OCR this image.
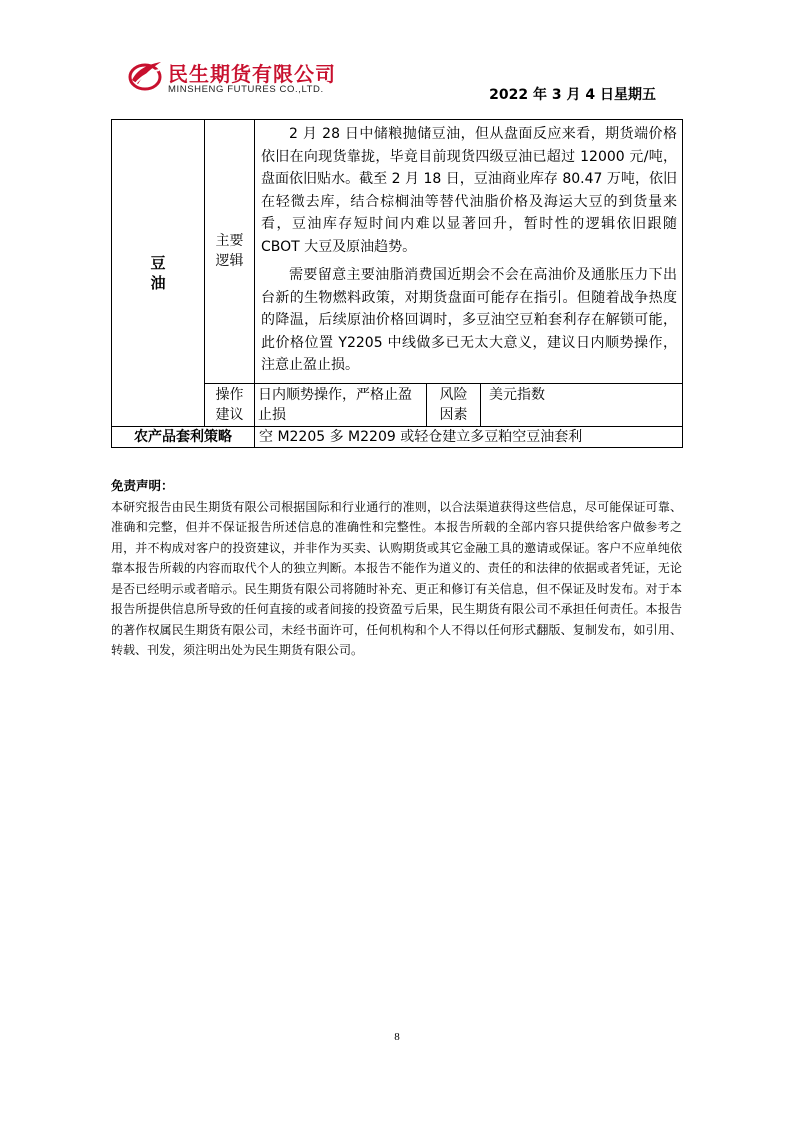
民生期货有限公司
MINSHENG FUTURES CO.,LTD.	2022 年 3 月 4 日星期五
豆油	主要逻辑	2 月 28 日中储粮抛储豆油，但从盘面反应来看，期货端价格依旧在向现货靠拢，毕竟目前现货四级豆油已超过 12000 元/吨，盘面依旧贴水。截至 2 月 18 日，豆油商业库存 80.47 万吨，依旧在轻微去库，结合棕榈油等替代油脂价格及海运大豆的到货量来看，豆油库存短时间内难以显著回升，暂时性的逻辑依旧跟随 CBOT 大豆及原油趋势。

需要留意主要油脂消费国近期会不会在高油价及通胀压力下出台新的生物燃料政策，对期货盘面可能存在指引。但随着战争热度的降温，后续原油价格回调时，多豆油空豆粕套利存在解锁可能，此价格位置 Y2205 中线做多已无太大意义，建议日内顺势操作，注意止盈止损。		

	操作建议	日内顺势操作，严格止盈止损	风险因素	美元指数
农产品套利策略		空 M2205 多 M2209 或轻仓建立多豆粕空豆油套利		
免责声明：

本研究报告由民生期货有限公司根据国际和行业通行的准则，以合法渠道获得这些信息，尽可能保证可靠、准确和完整，但并不保证报告所述信息的准确性和完整性。本报告所载的全部内容只提供给客户做参考之用，并不构成对客户的投资建议，并非作为买卖、认购期货或其它金融工具的邀请或保证。客户不应单纯依靠本报告所载的内容而取代个人的独立判断。本报告不能作为道义的、责任的和法律的依据或者凭证，无论是否已经明示或者暗示。民生期货有限公司将随时补充、更正和修订有关信息，但不保证及时发布。对于本报告所提供信息所导致的任何直接的或者间接的投资盈亏后果，民生期货有限公司不承担任何责任。本报告的著作权属民生期货有限公司，未经书面许可，任何机构和个人不得以任何形式翻版、复制发布，如引用、转载、刊发，须注明出处为民生期货有限公司。

8
